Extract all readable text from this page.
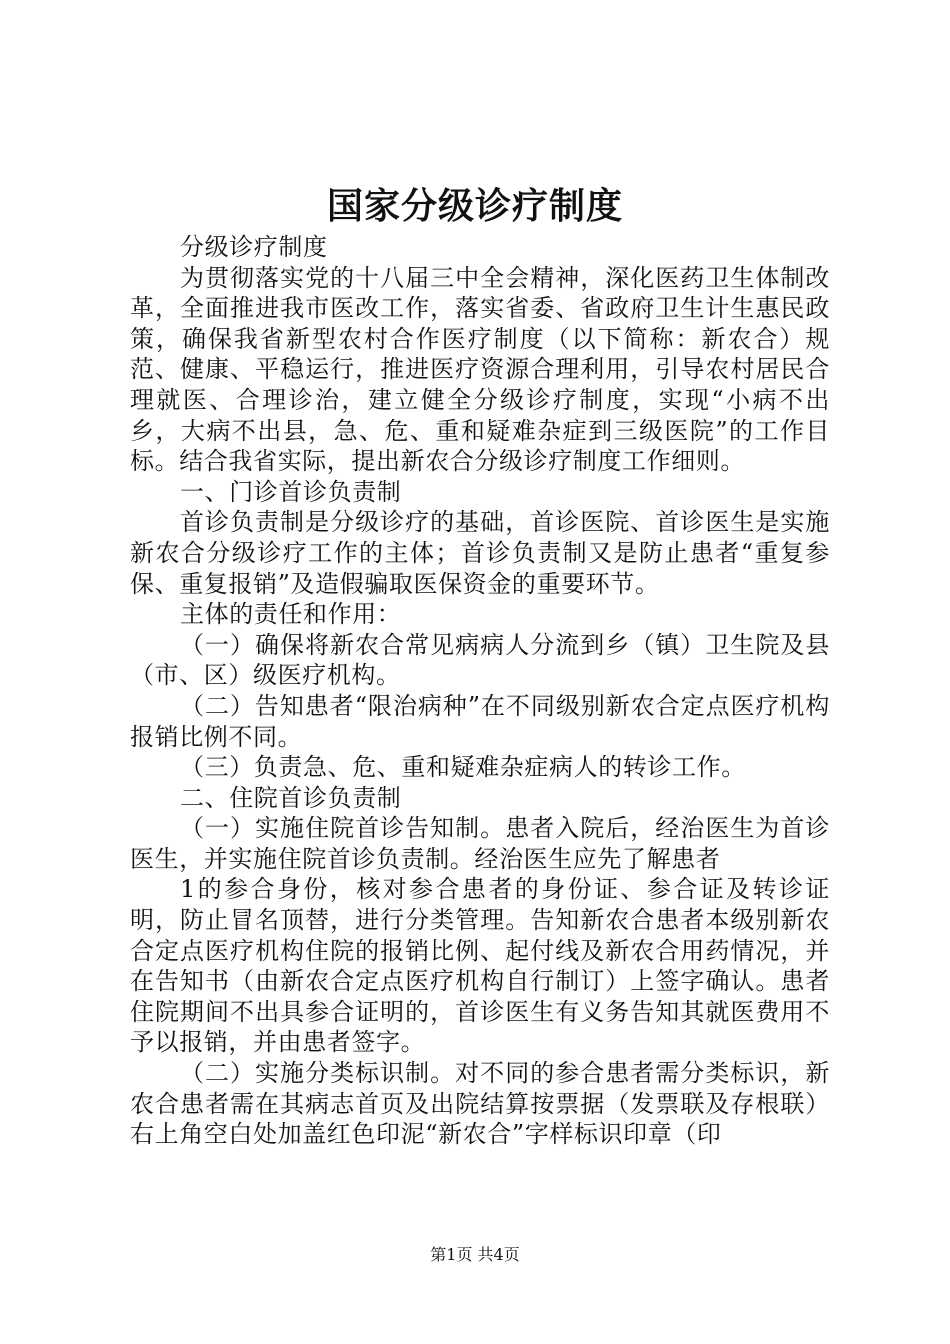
国家分级诊疗制度

分级诊疗制度

为贯彻落实党的十八届三中全会精神，深化医药卫生体制改革，全面推进我市医改工作，落实省委、省政府卫生计生惠民政策，确保我省新型农村合作医疗制度（以下简称：新农合）规范、健康、平稳运行，推进医疗资源合理利用，引导农村居民合理就医、合理诊治，建立健全分级诊疗制度，实现“小病不出乡，大病不出县，急、危、重和疑难杂症到三级医院”的工作目标。结合我省实际，提出新农合分级诊疗制度工作细则。

一、门诊首诊负责制

首诊负责制是分级诊疗的基础，首诊医院、首诊医生是实施新农合分级诊疗工作的主体；首诊负责制又是防止患者“重复参保、重复报销”及造假骗取医保资金的重要环节。

主体的责任和作用：

（一）确保将新农合常见病病人分流到乡（镇）卫生院及县（市、区）级医疗机构。

（二）告知患者“限治病种”在不同级别新农合定点医疗机构报销比例不同。

（三）负责急、危、重和疑难杂症病人的转诊工作。

二、住院首诊负责制

（一）实施住院首诊告知制。患者入院后，经治医生为首诊医生，并实施住院首诊负责制。经治医生应先了解患者

1的参合身份，核对参合患者的身份证、参合证及转诊证明，防止冒名顶替，进行分类管理。告知新农合患者本级别新农合定点医疗机构住院的报销比例、起付线及新农合用药情况，并在告知书（由新农合定点医疗机构自行制订）上签字确认。患者住院期间不出具参合证明的，首诊医生有义务告知其就医费用不予以报销，并由患者签字。

（二）实施分类标识制。对不同的参合患者需分类标识，新农合患者需在其病志首页及出院结算按票据（发票联及存根联）右上角空白处加盖红色印泥“新农合”字样标识印章（印

第1页 共4页
